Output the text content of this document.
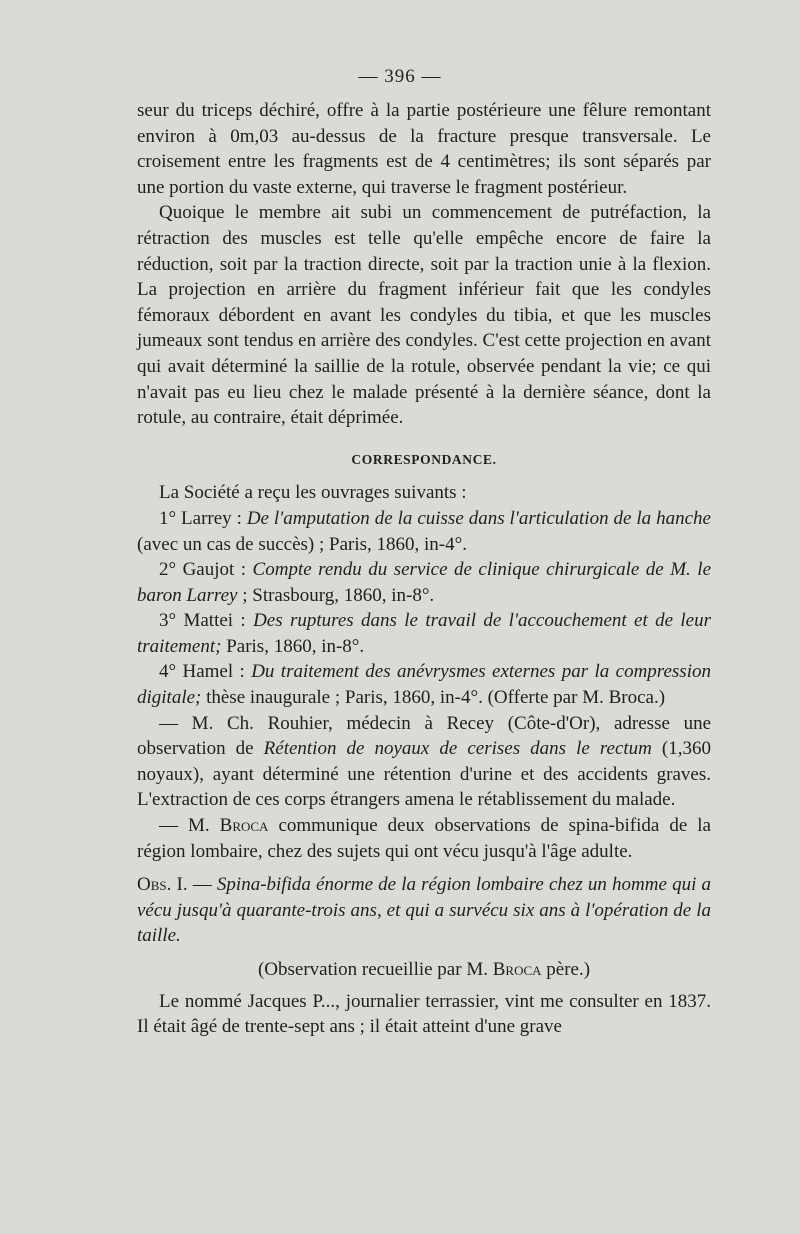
— 396 —

seur du triceps déchiré, offre à la partie postérieure une fêlure remontant environ à 0m,03 au-dessus de la fracture presque transversale. Le croisement entre les fragments est de 4 centimètres; ils sont séparés par une portion du vaste externe, qui traverse le fragment postérieur.

Quoique le membre ait subi un commencement de putréfaction, la rétraction des muscles est telle qu'elle empêche encore de faire la réduction, soit par la traction directe, soit par la traction unie à la flexion. La projection en arrière du fragment inférieur fait que les condyles fémoraux débordent en avant les condyles du tibia, et que les muscles jumeaux sont tendus en arrière des condyles. C'est cette projection en avant qui avait déterminé la saillie de la rotule, observée pendant la vie; ce qui n'avait pas eu lieu chez le malade présenté à la dernière séance, dont la rotule, au contraire, était déprimée.

CORRESPONDANCE.

La Société a reçu les ouvrages suivants :

1° Larrey : De l'amputation de la cuisse dans l'articulation de la hanche (avec un cas de succès) ; Paris, 1860, in-4°.

2° Gaujot : Compte rendu du service de clinique chirurgicale de M. le baron Larrey ; Strasbourg, 1860, in-8°.

3° Mattei : Des ruptures dans le travail de l'accouchement et de leur traitement; Paris, 1860, in-8°.

4° Hamel : Du traitement des anévrysmes externes par la compression digitale; thèse inaugurale ; Paris, 1860, in-4°. (Offerte par M. Broca.)

— M. Ch. Rouhier, médecin à Recey (Côte-d'Or), adresse une observation de Rétention de noyaux de cerises dans le rectum (1,360 noyaux), ayant déterminé une rétention d'urine et des accidents graves. L'extraction de ces corps étrangers amena le rétablissement du malade.

— M. Broca communique deux observations de spina-bifida de la région lombaire, chez des sujets qui ont vécu jusqu'à l'âge adulte.

Obs. I. — Spina-bifida énorme de la région lombaire chez un homme qui a vécu jusqu'à quarante-trois ans, et qui a survécu six ans à l'opération de la taille.

(Observation recueillie par M. Broca père.)

Le nommé Jacques P..., journalier terrassier, vint me consulter en 1837. Il était âgé de trente-sept ans ; il était atteint d'une grave
